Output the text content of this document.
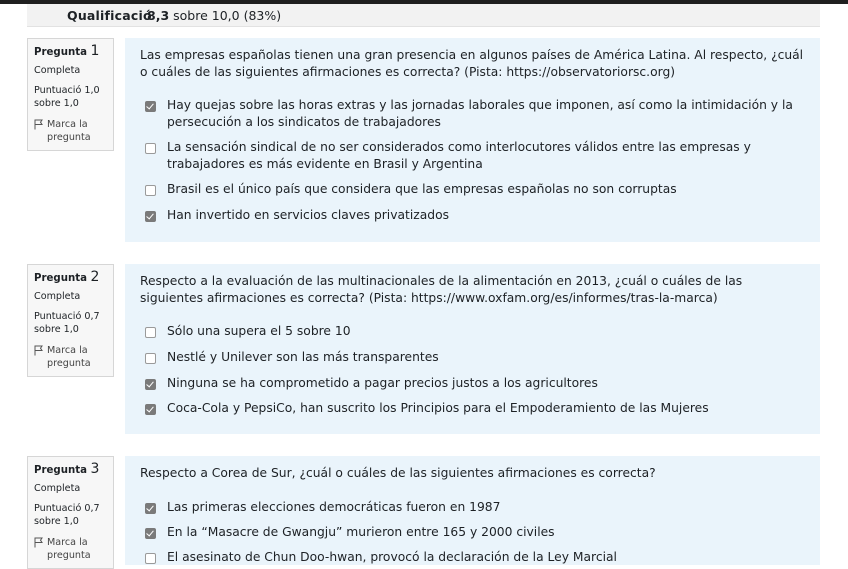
Qualificació
8,3 sobre 10,0 (83%)
Pregunta 1
Completa
Puntuació 1,0 sobre 1,0
Marca la pregunta
Las empresas españolas tienen una gran presencia en algunos países de América Latina. Al respecto, ¿cuál o cuáles de las siguientes afirmaciones es correcta? (Pista: https://observatoriorsc.org)
Hay quejas sobre las horas extras y las jornadas laborales que imponen, así como la intimidación y la persecución a los sindicatos de trabajadores
La sensación sindical de no ser considerados como interlocutores válidos entre las empresas y trabajadores es más evidente en Brasil y Argentina
Brasil es el único país que considera que las empresas españolas no son corruptas
Han invertido en servicios claves privatizados
Pregunta 2
Completa
Puntuació 0,7 sobre 1,0
Marca la pregunta
Respecto a la evaluación de las multinacionales de la alimentación en 2013, ¿cuál o cuáles de las siguientes afirmaciones es correcta? (Pista: https://www.oxfam.org/es/informes/tras-la-marca)
Sólo una supera el 5 sobre 10
Nestlé y Unilever son las más transparentes
Ninguna se ha comprometido a pagar precios justos a los agricultores
Coca-Cola y PepsiCo, han suscrito los Principios para el Empoderamiento de las Mujeres
Pregunta 3
Completa
Puntuació 0,7 sobre 1,0
Marca la pregunta
Respecto a Corea de Sur, ¿cuál o cuáles de las siguientes afirmaciones es correcta?
Las primeras elecciones democráticas fueron en 1987
En la “Masacre de Gwangju” murieron entre 165 y 2000 civiles
El asesinato de Chun Doo-hwan, provocó la declaración de la Ley Marcial
